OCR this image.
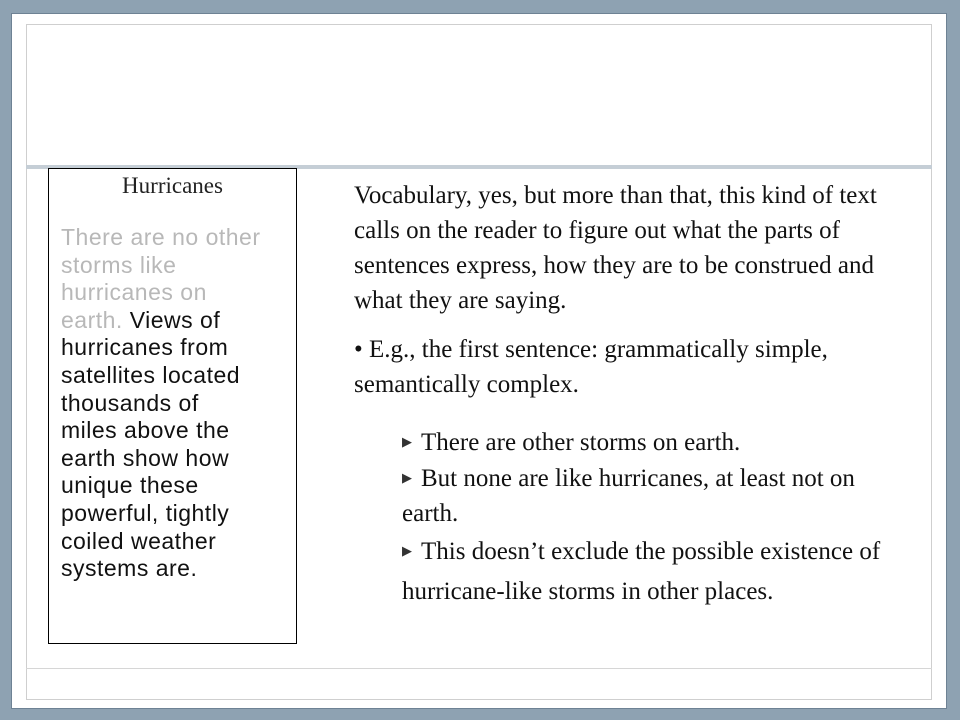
Hurricanes
There are no other storms like hurricanes on earth. Views of hurricanes from satellites located thousands of miles above the earth show how unique these powerful, tightly coiled weather systems are.

Vocabulary, yes, but more than that, this kind of text calls on the reader to figure out what the parts of sentences express, how they are to be construed and what they are saying.

• E.g., the first sentence: grammatically simple, semantically complex.

▶ There are other storms on earth.
▶ But none are like hurricanes, at least not on earth.
▶ This doesn’t exclude the possible existence of hurricane-like storms in other places.
